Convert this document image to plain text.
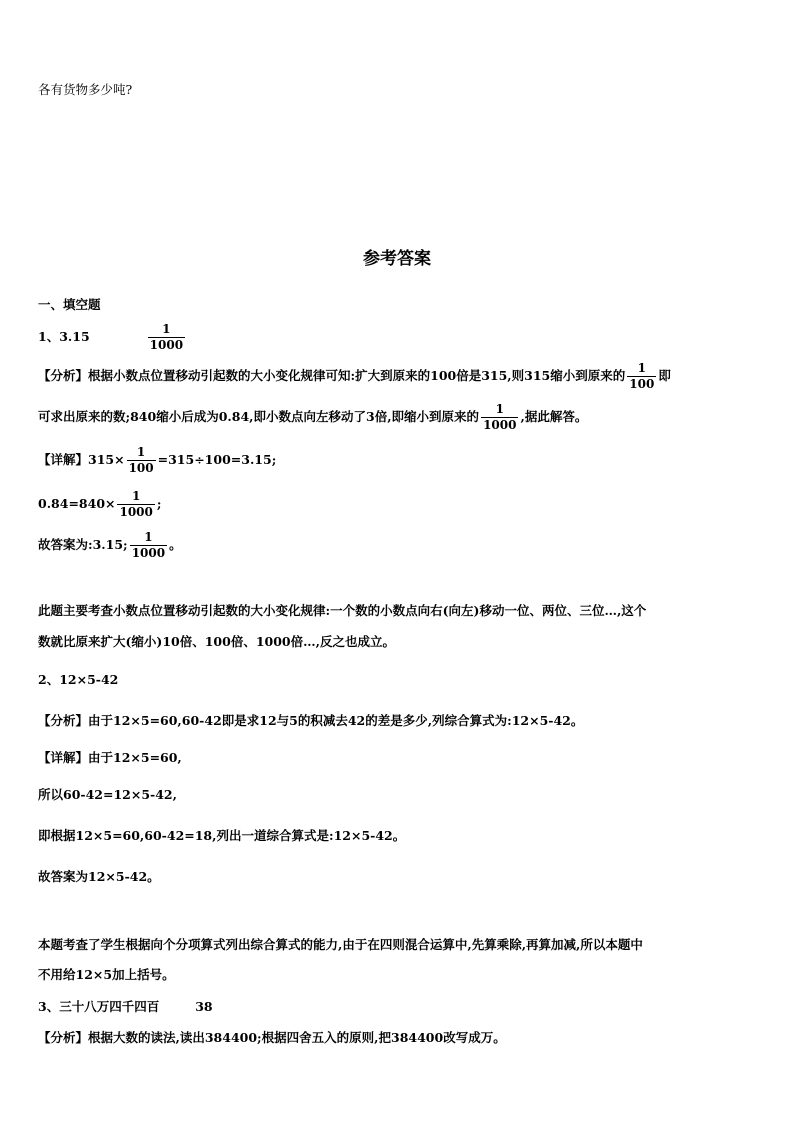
各有货物多少吨?
参考答案
一、填空题
1、3.15	$\frac{1}{1000}$
【分析】根据小数点位置移动引起数的大小变化规律可知:扩大到原来的100倍是315,则315缩小到原来的 $\frac{1}{100}$ 即
可求出原来的数;840缩小后成为0.84,即小数点向左移动了3倍,即缩小到原来的 $\frac{1}{1000}$ ,据此解答。
【详解】$315\times \frac{1}{100} =315\div 100=3.15$;
$0.84=840\times \frac{1}{1000}$ ;
故答案为:3.15; $\frac{1}{1000}$ 。
此题主要考查小数点位置移动引起数的大小变化规律:一个数的小数点向右(向左)移动一位、两位、三位…,这个
数就比原来扩大(缩小)10倍、100倍、1000倍…,反之也成立。
2、12×5-42
【分析】由于12×5=60,60-42即是求12与5的积减去42的差是多少,列综合算式为:12×5-42。
【详解】由于12×5=60,
所以60-42=12×5-42,
即根据12×5=60,60-42=18,列出一道综合算式是:12×5-42。
故答案为12×5-42。
本题考查了学生根据向个分项算式列出综合算式的能力,由于在四则混合运算中,先算乘除,再算加减,所以本题中
不用给12×5加上括号。
3、三十八万四千四百	38
【分析】根据大数的读法,读出384400;根据四舍五入的原则,把384400改写成万。
